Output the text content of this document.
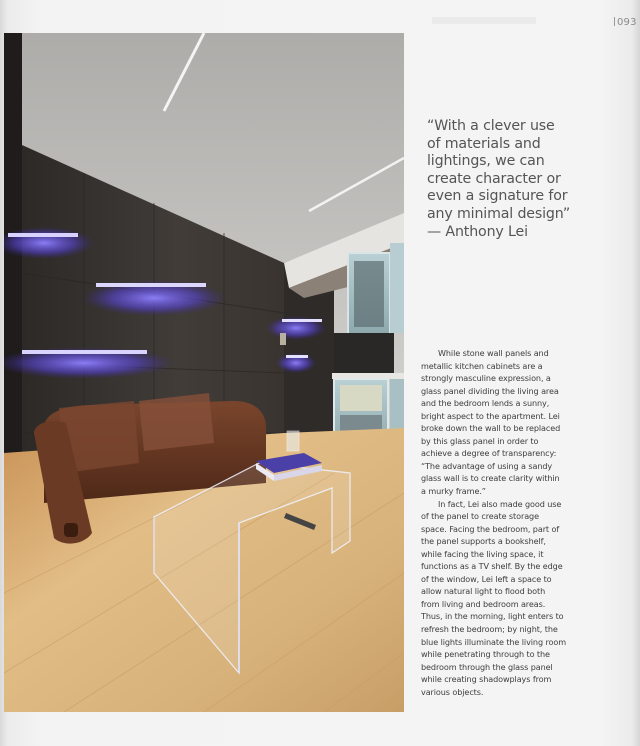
093
“With a clever use
of materials and
lightings, we can
create character or
even a signature for
any minimal design”
— Anthony Lei
While stone wall panels and
metallic kitchen cabinets are a
strongly masculine expression, a
glass panel dividing the living area
and the bedroom lends a sunny,
bright aspect to the apartment. Lei
broke down the wall to be replaced
by this glass panel in order to
achieve a degree of transparency:
“The advantage of using a sandy
glass wall is to create clarity within
a murky frame.”
In fact, Lei also made good use
of the panel to create storage
space. Facing the bedroom, part of
the panel supports a bookshelf,
while facing the living space, it
functions as a TV shelf. By the edge
of the window, Lei left a space to
allow natural light to flood both
from living and bedroom areas.
Thus, in the morning, light enters to
refresh the bedroom; by night, the
blue lights illuminate the living room
while penetrating through to the
bedroom through the glass panel
while creating shadowplays from
various objects.
